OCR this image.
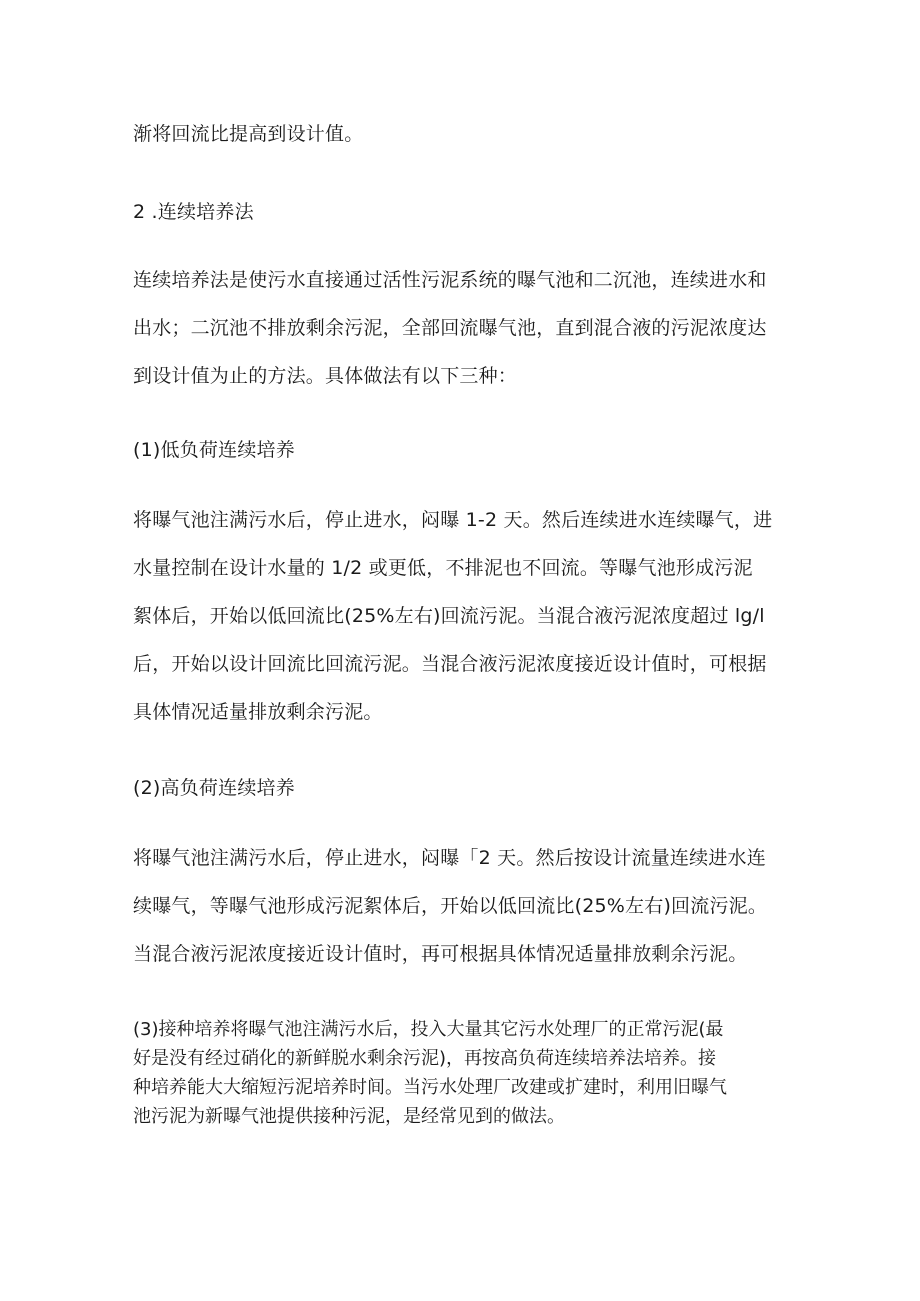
渐将回流比提高到设计值。

2 .连续培养法

连续培养法是使污水直接通过活性污泥系统的曝气池和二沉池，连续进水和

出水；二沉池不排放剩余污泥，全部回流曝气池，直到混合液的污泥浓度达

到设计值为止的方法。具体做法有以下三种：

(1)低负荷连续培养

将曝气池注满污水后，停止进水，闷曝 1-2 天。然后连续进水连续曝气，进

水量控制在设计水量的 1/2 或更低，不排泥也不回流。等曝气池形成污泥

絮体后，开始以低回流比(25%左右)回流污泥。当混合液污泥浓度超过 lg/l

后，开始以设计回流比回流污泥。当混合液污泥浓度接近设计值时，可根据

具体情况适量排放剩余污泥。

(2)高负荷连续培养

将曝气池注满污水后，停止进水，闷曝「2 天。然后按设计流量连续进水连

续曝气，等曝气池形成污泥絮体后，开始以低回流比(25%左右)回流污泥。

当混合液污泥浓度接近设计值时，再可根据具体情况适量排放剩余污泥。

(3)接种培养将曝气池注满污水后，投入大量其它污水处理厂的正常污泥(最

好是没有经过硝化的新鲜脱水剩余污泥)，再按高负荷连续培养法培养。接

种培养能大大缩短污泥培养时间。当污水处理厂改建或扩建时，利用旧曝气

池污泥为新曝气池提供接种污泥，是经常见到的做法。
